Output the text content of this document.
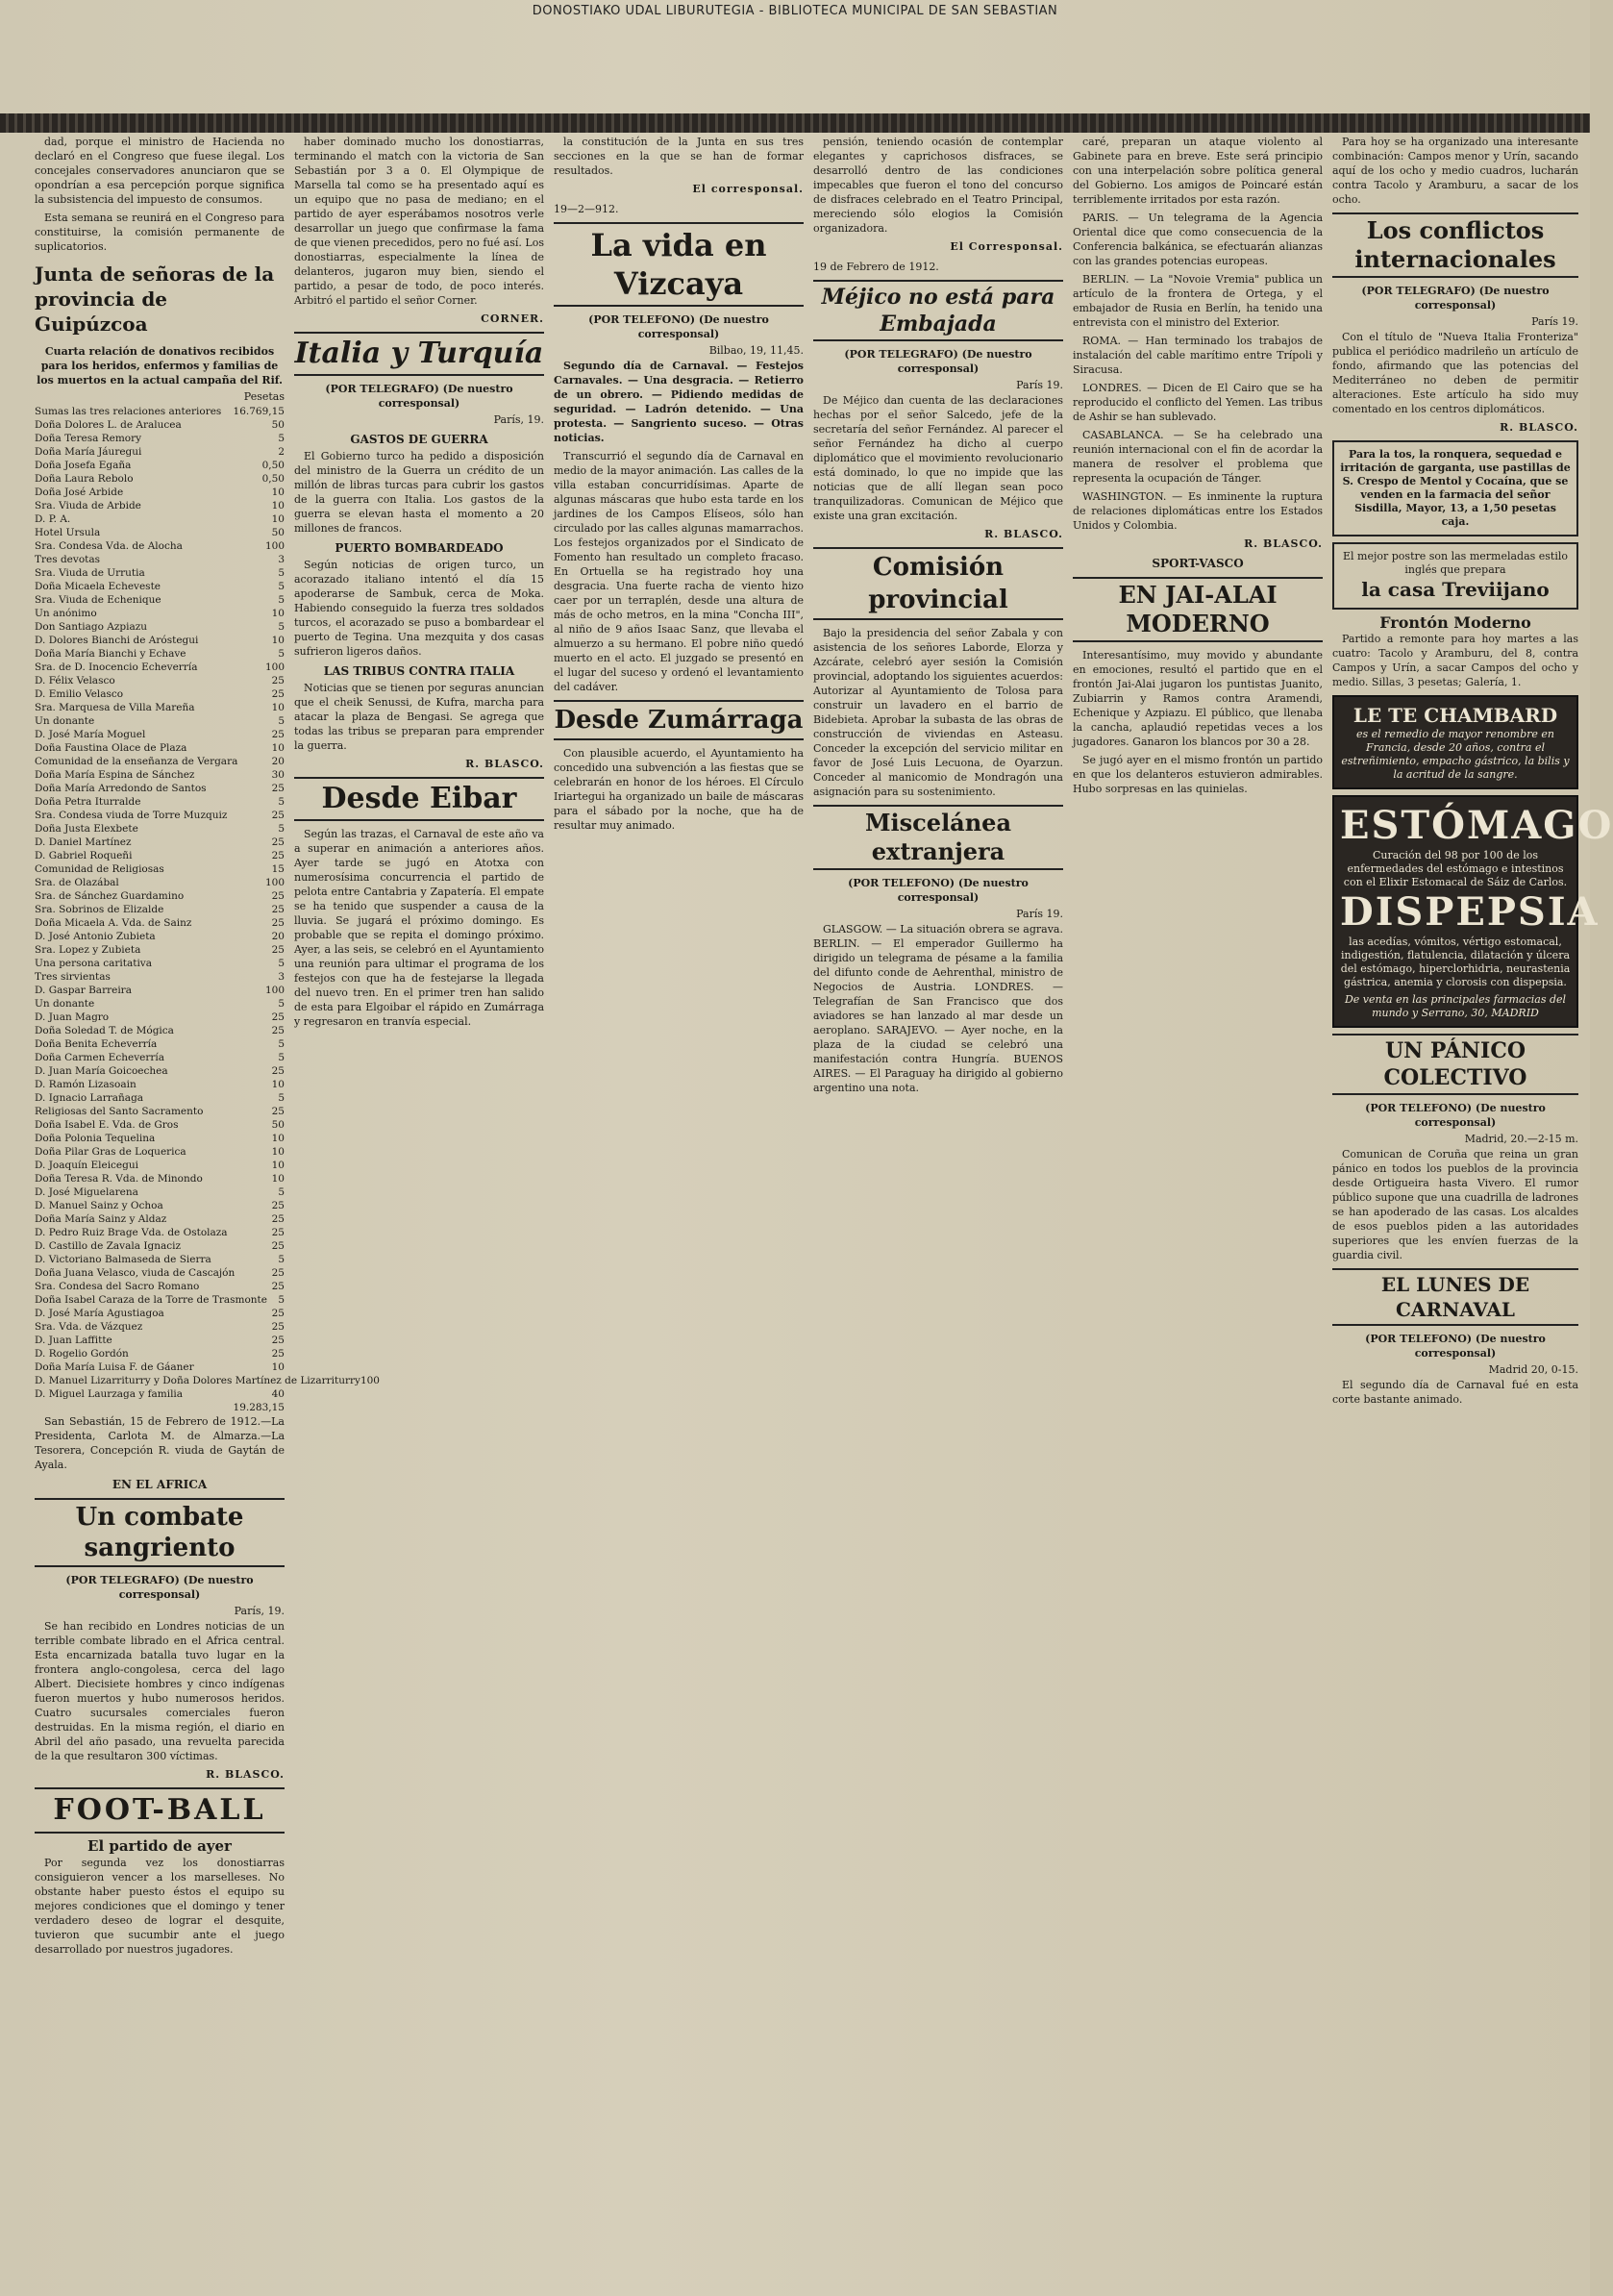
DONOSTIAKO UDAL LIBURUTEGIA - BIBLIOTECA MUNICIPAL DE SAN SEBASTIAN

dad, porque el ministro de Hacienda no declaró en el Congreso que fuese ilegal. Los concejales conservadores anunciaron que se opondrían a esa percepción porque significa la subsistencia del impuesto de consumos.

Esta semana se reunirá en el Congreso para constituirse, la comisión permanente de suplicatorios.

Junta de señoras de la provincia de Guipúzcoa
Cuarta relación de donativos recibidos para los heridos, enfermos y familias de los muertos en la actual campaña del Rif.
Pesetas
Sumas las tres relaciones anteriores	16.769,15
Doña Dolores L. de Aralucea	50
Doña Teresa Remory	5
Doña María Jáuregui	2
Doña Josefa Egaña	0,50
Doña Laura Rebolo	0,50
Doña José Arbide	10
Sra. Viuda de Arbide	10
D. P. A.	10
Hotel Ursula	50
Sra. Condesa Vda. de Alocha	100
Tres devotas	3
Sra. Viuda de Urrutia	5
Doña Micaela Echeveste	5
Sra. Viuda de Echenique	5
Un anónimo	10
Don Santiago Azpiazu	5
D. Dolores Bianchi de Aróstegui	10
Doña María Bianchi y Echave	5
Sra. de D. Inocencio Echeverría	100
D. Félix Velasco	25
D. Emilio Velasco	25
Sra. Marquesa de Villa Mareña	10
Un donante	5
D. José María Moguel	25
Doña Faustina Olace de Plaza	10
Comunidad de la enseñanza de Vergara	20
Doña María Espina de Sánchez	30
Doña María Arredondo de Santos	25
Doña Petra Iturralde	5
Sra. Condesa viuda de Torre Muzquiz	25
Doña Justa Elexbete	5
D. Daniel Martínez	25
D. Gabriel Roqueñi	25
Comunidad de Religiosas	15
Sra. de Olazábal	100
Sra. de Sánchez Guardamino	25
Sra. Sobrinos de Elizalde	25
Doña Micaela A. Vda. de Sainz	25
D. José Antonio Zubieta	20
Sra. Lopez y Zubieta	25
Una persona caritativa	5
Tres sirvientas	3
D. Gaspar Barreira	100
Un donante	5
D. Juan Magro	25
Doña Soledad T. de Mógica	25
Doña Benita Echeverría	5
Doña Carmen Echeverría	5
D. Juan María Goicoechea	25
D. Ramón Lizasoain	10
D. Ignacio Larrañaga	5
Religiosas del Santo Sacramento	25
Doña Isabel E. Vda. de Gros	50
Doña Polonia Tequelina	10
Doña Pilar Gras de Loquerica	10
D. Joaquín Eleicegui	10
Doña Teresa R. Vda. de Minondo	10
D. José Miguelarena	5
D. Manuel Sainz y Ochoa	25
Doña María Sainz y Aldaz	25
D. Pedro Ruiz Brage Vda. de Ostolaza	25
D. Castillo de Zavala Ignaciz	25
D. Victoriano Balmaseda de Sierra	5
Doña Juana Velasco, viuda de Cascajón	25
Sra. Condesa del Sacro Romano	25
Doña Isabel Caraza de la Torre de Trasmonte	5
D. José María Agustiagoa	25
Sra. Vda. de Vázquez	25
D. Juan Laffitte	25
D. Rogelio Gordón	25
Doña María Luisa F. de Gáaner	10
D. Manuel Lizarriturry y Doña Dolores Martínez de Lizarriturry 100
D. Miguel Laurzaga y familia	40
19.283,15

San Sebastián, 15 de Febrero de 1912.—La Presidenta, Carlota M. de Almarza.—La Tesorera, Concepción R. viuda de Gaytán de Ayala.

EN EL AFRICA
Un combate sangriento
(POR TELEGRAFO) (De nuestro corresponsal)
París, 19.

Se han recibido en Londres noticias de un terrible combate librado en el Africa central. Esta encarnizada batalla tuvo lugar en la frontera anglo-congolesa, cerca del lago Albert. Diecisiete hombres y cinco indígenas fueron muertos y hubo numerosos heridos. Cuatro sucursales comerciales fueron destruidas. En la misma región, el diario en Abril del año pasado, una revuelta parecida de la que resultaron 300 víctimas.

R. BLASCO.
FOOT-BALL
El partido de ayer

Por segunda vez los donostiarras consiguieron vencer a los marselleses. No obstante haber puesto éstos el equipo su mejores condiciones que el domingo y tener verdadero deseo de lograr el desquite, tuvieron que sucumbir ante el juego desarrollado por nuestros jugadores.

haber dominado mucho los donostiarras, terminando el match con la victoria de San Sebastián por 3 a 0. El Olympique de Marsella tal como se ha presentado aquí es un equipo que no pasa de mediano; en el partido de ayer esperábamos nosotros verle desarrollar un juego que confirmase la fama de que vienen precedidos, pero no fué así. Los donostiarras, especialmente la línea de delanteros, jugaron muy bien, siendo el partido, a pesar de todo, de poco interés. Arbitró el partido el señor Corner.

CORNER.
Italia y Turquía
(POR TELEGRAFO) (De nuestro corresponsal)
París, 19.
GASTOS DE GUERRA

El Gobierno turco ha pedido a disposición del ministro de la Guerra un crédito de un millón de libras turcas para cubrir los gastos de la guerra con Italia. Los gastos de la guerra se elevan hasta el momento a 20 millones de francos.

PUERTO BOMBARDEADO

Según noticias de origen turco, un acorazado italiano intentó el día 15 apoderarse de Sambuk, cerca de Moka. Habiendo conseguido la fuerza tres soldados turcos, el acorazado se puso a bombardear el puerto de Tegina. Una mezquita y dos casas sufrieron ligeros daños.

LAS TRIBUS CONTRA ITALIA

Noticias que se tienen por seguras anuncian que el cheik Senussi, de Kufra, marcha para atacar la plaza de Bengasi. Se agrega que todas las tribus se preparan para emprender la guerra.

R. BLASCO.
Desde Eibar

Según las trazas, el Carnaval de este año va a superar en animación a anteriores años. Ayer tarde se jugó en Atotxa con numerosísima concurrencia el partido de pelota entre Cantabria y Zapatería. El empate se ha tenido que suspender a causa de la lluvia. Se jugará el próximo domingo. Es probable que se repita el domingo próximo. Ayer, a las seis, se celebró en el Ayuntamiento una reunión para ultimar el programa de los festejos con que ha de festejarse la llegada del nuevo tren. En el primer tren han salido de esta para Elgoibar el rápido en Zumárraga y regresaron en tranvía especial.

la constitución de la Junta en sus tres secciones en la que se han de formar resultados.

El corresponsal.
19—2—912.
La vida en Vizcaya
(POR TELEFONO) (De nuestro corresponsal)
Bilbao, 19, 11,45.

Segundo día de Carnaval. — Festejos Carnavales. — Una desgracia. — Retierro de un obrero. — Pidiendo medidas de seguridad. — Ladrón detenido. — Una protesta. — Sangriento suceso. — Otras noticias.

Transcurrió el segundo día de Carnaval en medio de la mayor animación. Las calles de la villa estaban concurridísimas. Aparte de algunas máscaras que hubo esta tarde en los jardines de los Campos Elíseos, sólo han circulado por las calles algunas mamarrachos. Los festejos organizados por el Sindicato de Fomento han resultado un completo fracaso. En Ortuella se ha registrado hoy una desgracia. Una fuerte racha de viento hizo caer por un terraplén, desde una altura de más de ocho metros, en la mina "Concha III", al niño de 9 años Isaac Sanz, que llevaba el almuerzo a su hermano. El pobre niño quedó muerto en el acto. El juzgado se presentó en el lugar del suceso y ordenó el levantamiento del cadáver.

Desde Zumárraga

Con plausible acuerdo, el Ayuntamiento ha concedido una subvención a las fiestas que se celebrarán en honor de los héroes. El Círculo Iriartegui ha organizado un baile de máscaras para el sábado por la noche, que ha de resultar muy animado.

pensión, teniendo ocasión de contemplar elegantes y caprichosos disfraces, se desarrolló dentro de las condiciones impecables que fueron el tono del concurso de disfraces celebrado en el Teatro Principal, mereciendo sólo elogios la Comisión organizadora.

El Corresponsal.
19 de Febrero de 1912.
Méjico no está para Embajada
(POR TELEGRAFO) (De nuestro corresponsal)
París 19.

De Méjico dan cuenta de las declaraciones hechas por el señor Salcedo, jefe de la secretaría del señor Fernández. Al parecer el señor Fernández ha dicho al cuerpo diplomático que el movimiento revolucionario está dominado, lo que no impide que las noticias que de allí llegan sean poco tranquilizadoras. Comunican de Méjico que existe una gran excitación.

R. BLASCO.
Comisión provincial

Bajo la presidencia del señor Zabala y con asistencia de los señores Laborde, Elorza y Azcárate, celebró ayer sesión la Comisión provincial, adoptando los siguientes acuerdos: Autorizar al Ayuntamiento de Tolosa para construir un lavadero en el barrio de Bidebieta. Aprobar la subasta de las obras de construcción de viviendas en Asteasu. Conceder la excepción del servicio militar en favor de José Luis Lecuona, de Oyarzun. Conceder al manicomio de Mondragón una asignación para su sostenimiento.

Miscelánea extranjera
(POR TELEFONO) (De nuestro corresponsal)
París 19.

GLASGOW. — La situación obrera se agrava. BERLIN. — El emperador Guillermo ha dirigido un telegrama de pésame a la familia del difunto conde de Aehrenthal, ministro de Negocios de Austria. LONDRES. — Telegrafían de San Francisco que dos aviadores se han lanzado al mar desde un aeroplano. SARAJEVO. — Ayer noche, en la plaza de la ciudad se celebró una manifestación contra Hungría. BUENOS AIRES. — El Paraguay ha dirigido al gobierno argentino una nota.

caré, preparan un ataque violento al Gabinete para en breve. Este será principio con una interpelación sobre política general del Gobierno. Los amigos de Poincaré están terriblemente irritados por esta razón.

PARIS. — Un telegrama de la Agencia Oriental dice que como consecuencia de la Conferencia balkánica, se efectuarán alianzas con las grandes potencias europeas.

BERLIN. — La "Novoie Vremia" publica un artículo de la frontera de Ortega, y el embajador de Rusia en Berlín, ha tenido una entrevista con el ministro del Exterior.

ROMA. — Han terminado los trabajos de instalación del cable marítimo entre Trípoli y Siracusa.

LONDRES. — Dicen de El Cairo que se ha reproducido el conflicto del Yemen. Las tribus de Ashir se han sublevado.

CASABLANCA. — Se ha celebrado una reunión internacional con el fin de acordar la manera de resolver el problema que representa la ocupación de Tánger.

WASHINGTON. — Es inminente la ruptura de relaciones diplomáticas entre los Estados Unidos y Colombia.

R. BLASCO.
SPORT-VASCO
EN JAI-ALAI MODERNO

Interesantísimo, muy movido y abundante en emociones, resultó el partido que en el frontón Jai-Alai jugaron los puntistas Juanito, Zubiarrin y Ramos contra Aramendi, Echenique y Azpiazu. El público, que llenaba la cancha, aplaudió repetidas veces a los jugadores. Ganaron los blancos por 30 a 28.

Se jugó ayer en el mismo frontón un partido en que los delanteros estuvieron admirables. Hubo sorpresas en las quinielas.

Para hoy se ha organizado una interesante combinación: Campos menor y Urín, sacando aquí de los ocho y medio cuadros, lucharán contra Tacolo y Aramburu, a sacar de los ocho.

Los conflictos internacionales
(POR TELEGRAFO) (De nuestro corresponsal)
París 19.

Con el título de "Nueva Italia Fronteriza" publica el periódico madrileño un artículo de fondo, afirmando que las potencias del Mediterráneo no deben de permitir alteraciones. Este artículo ha sido muy comentado en los centros diplomáticos.

R. BLASCO.
Para la tos, la ronquera, sequedad e irritación de garganta, use pastillas de S. Crespo de Mentol y Cocaína, que se venden en la farmacia del señor Sisdilla, Mayor, 13, a 1,50 pesetas caja.
El mejor postre son las mermeladas estilo inglés que prepara
la casa Treviijano
Frontón Moderno

Partido a remonte para hoy martes a las cuatro: Tacolo y Aramburu, del 8, contra Campos y Urín, a sacar Campos del ocho y medio. Sillas, 3 pesetas; Galería, 1.

LE TE CHAMBARD
es el remedio de mayor renombre en Francia, desde 20 años, contra el estreñimiento, empacho gástrico, la bilis y la acritud de la sangre.
ESTÓMAGO
Curación del 98 por 100 de los enfermedades del estómago e intestinos con el Elixir Estomacal de Sáiz de Carlos.
DISPEPSIA
las acedías, vómitos, vértigo estomacal, indigestión, flatulencia, dilatación y úlcera del estómago, hiperclorhidria, neurastenia gástrica, anemia y clorosis con dispepsia.
De venta en las principales farmacias del mundo y Serrano, 30, MADRID
UN PÁNICO COLECTIVO
(POR TELEFONO) (De nuestro corresponsal)
Madrid, 20.—2-15 m.

Comunican de Coruña que reina un gran pánico en todos los pueblos de la provincia desde Ortigueira hasta Vivero. El rumor público supone que una cuadrilla de ladrones se han apoderado de las casas. Los alcaldes de esos pueblos piden a las autoridades superiores que les envíen fuerzas de la guardia civil.

EL LUNES DE CARNAVAL
(POR TELEFONO) (De nuestro corresponsal)
Madrid 20, 0-15.

El segundo día de Carnaval fué en esta corte bastante animado.
